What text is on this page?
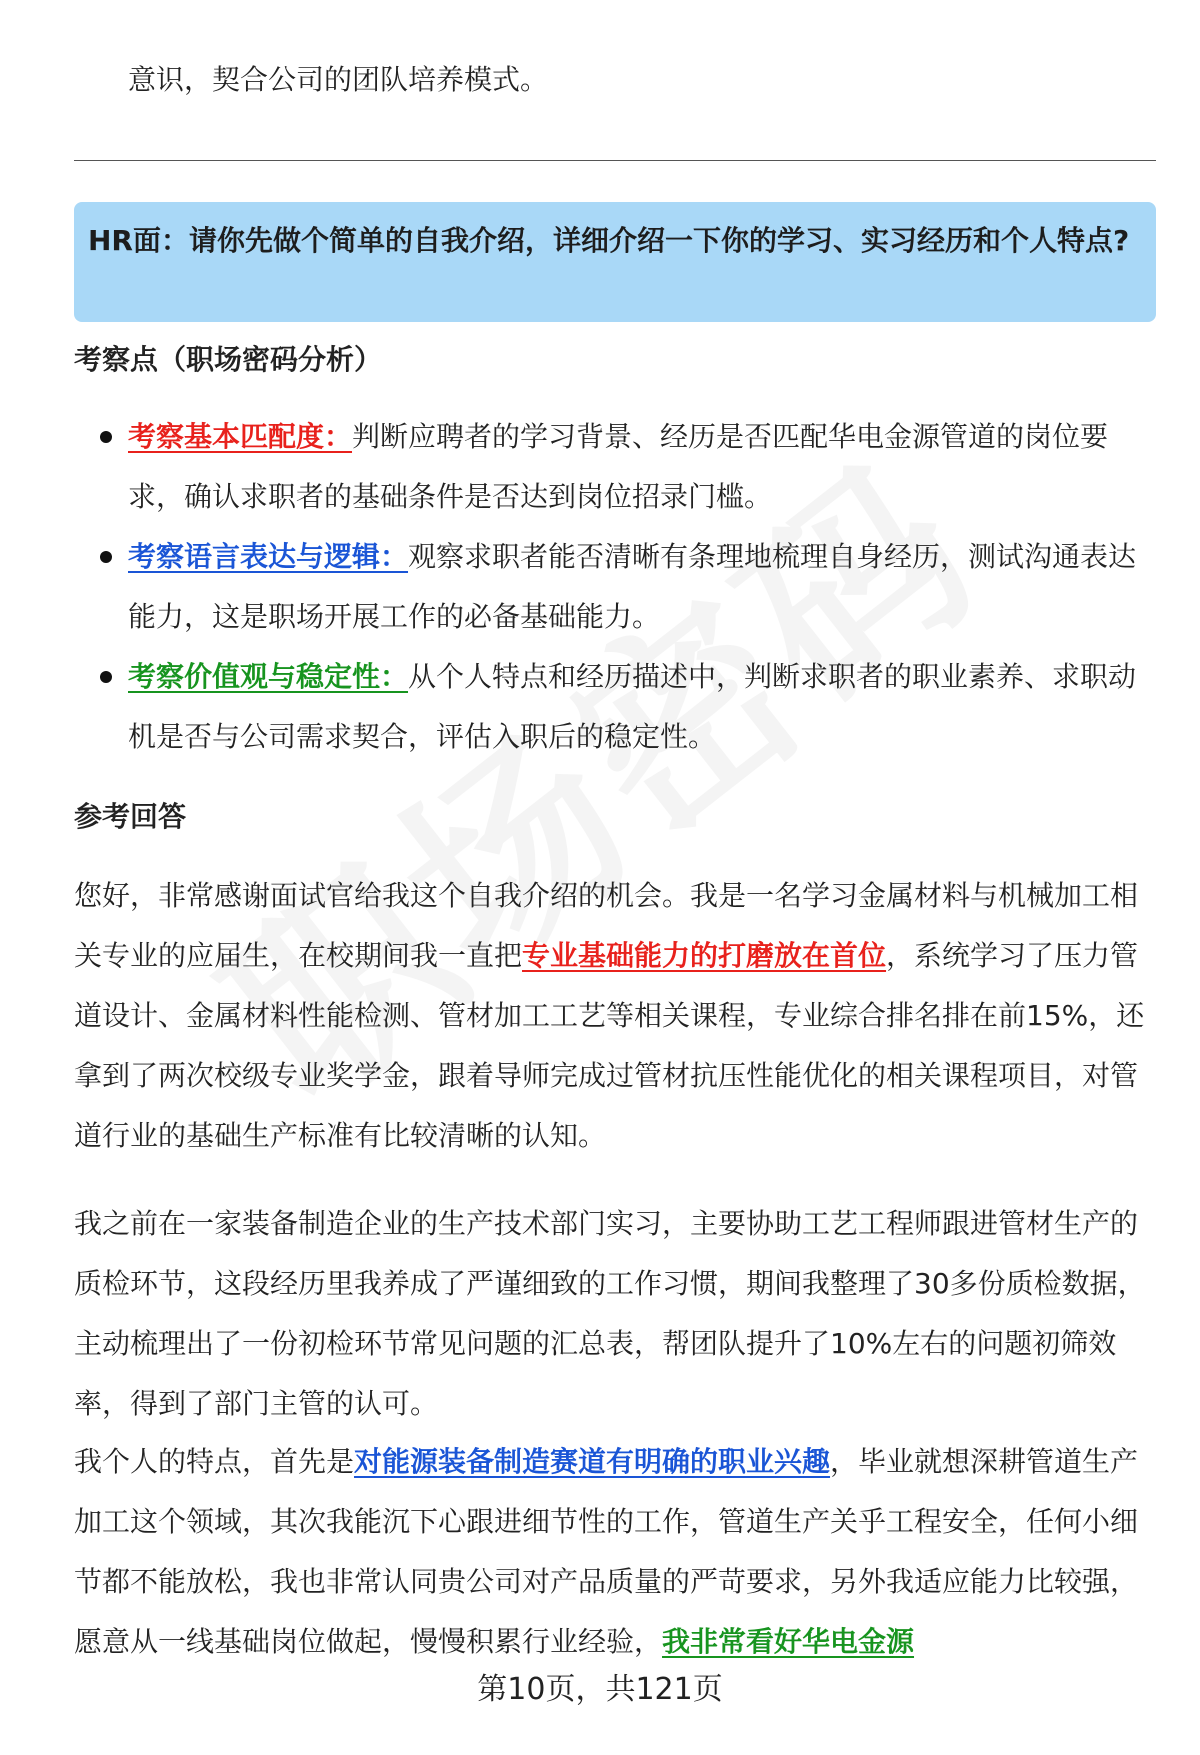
意识，契合公司的团队培养模式。

HR面：请你先做个简单的自我介绍，详细介绍一下你的学习、实习经历和个人特点?

考察点（职场密码分析）

考察基本匹配度：判断应聘者的学习背景、经历是否匹配华电金源管道的岗位要求，确认求职者的基础条件是否达到岗位招录门槛。

考察语言表达与逻辑：观察求职者能否清晰有条理地梳理自身经历，测试沟通表达能力，这是职场开展工作的必备基础能力。

考察价值观与稳定性：从个人特点和经历描述中，判断求职者的职业素养、求职动机是否与公司需求契合，评估入职后的稳定性。

参考回答

您好，非常感谢面试官给我这个自我介绍的机会。我是一名学习金属材料与机械加工相关专业的应届生，在校期间我一直把专业基础能力的打磨放在首位，系统学习了压力管道设计、金属材料性能检测、管材加工工艺等相关课程，专业综合排名排在前15%，还拿到了两次校级专业奖学金，跟着导师完成过管材抗压性能优化的相关课程项目，对管道行业的基础生产标准有比较清晰的认知。

我之前在一家装备制造企业的生产技术部门实习，主要协助工艺工程师跟进管材生产的质检环节，这段经历里我养成了严谨细致的工作习惯，期间我整理了30多份质检数据，主动梳理出了一份初检环节常见问题的汇总表，帮团队提升了10%左右的问题初筛效率，得到了部门主管的认可。

我个人的特点，首先是对能源装备制造赛道有明确的职业兴趣，毕业就想深耕管道生产加工这个领域，其次我能沉下心跟进细节性的工作，管道生产关乎工程安全，任何小细节都不能放松，我也非常认同贵公司对产品质量的严苛要求，另外我适应能力比较强，愿意从一线基础岗位做起，慢慢积累行业经验，我非常看好华电金源

第10页，共121页
